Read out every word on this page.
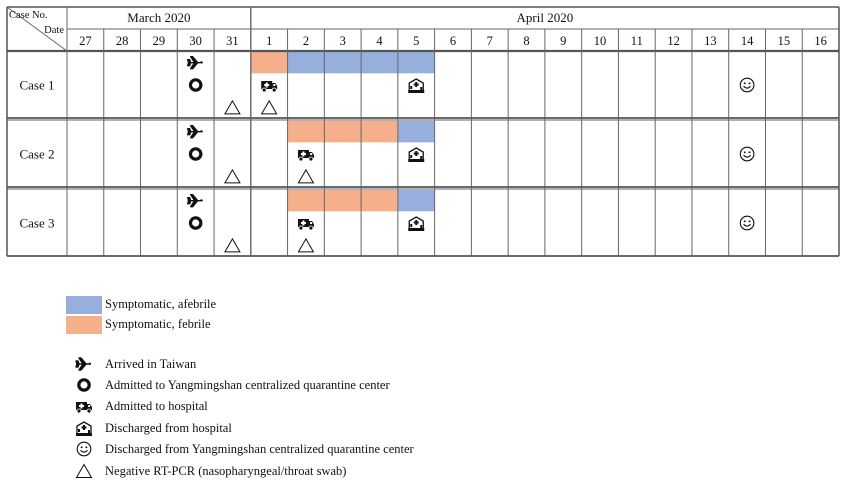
March 2020	April 2020
Case No.
Date
27 28 29 30 31 1 2 3 4 5 6 7 8 9 10 11 12 13 14 15 16
Case 1
Case 2
Case 3
Symptomatic, afebrile
Symptomatic, febrile
Arrived in Taiwan
Admitted to Yangmingshan centralized quarantine center
Admitted to hospital
Discharged from hospital
Discharged from Yangmingshan centralized quarantine center
Negative RT-PCR (nasopharyngeal/throat swab)
